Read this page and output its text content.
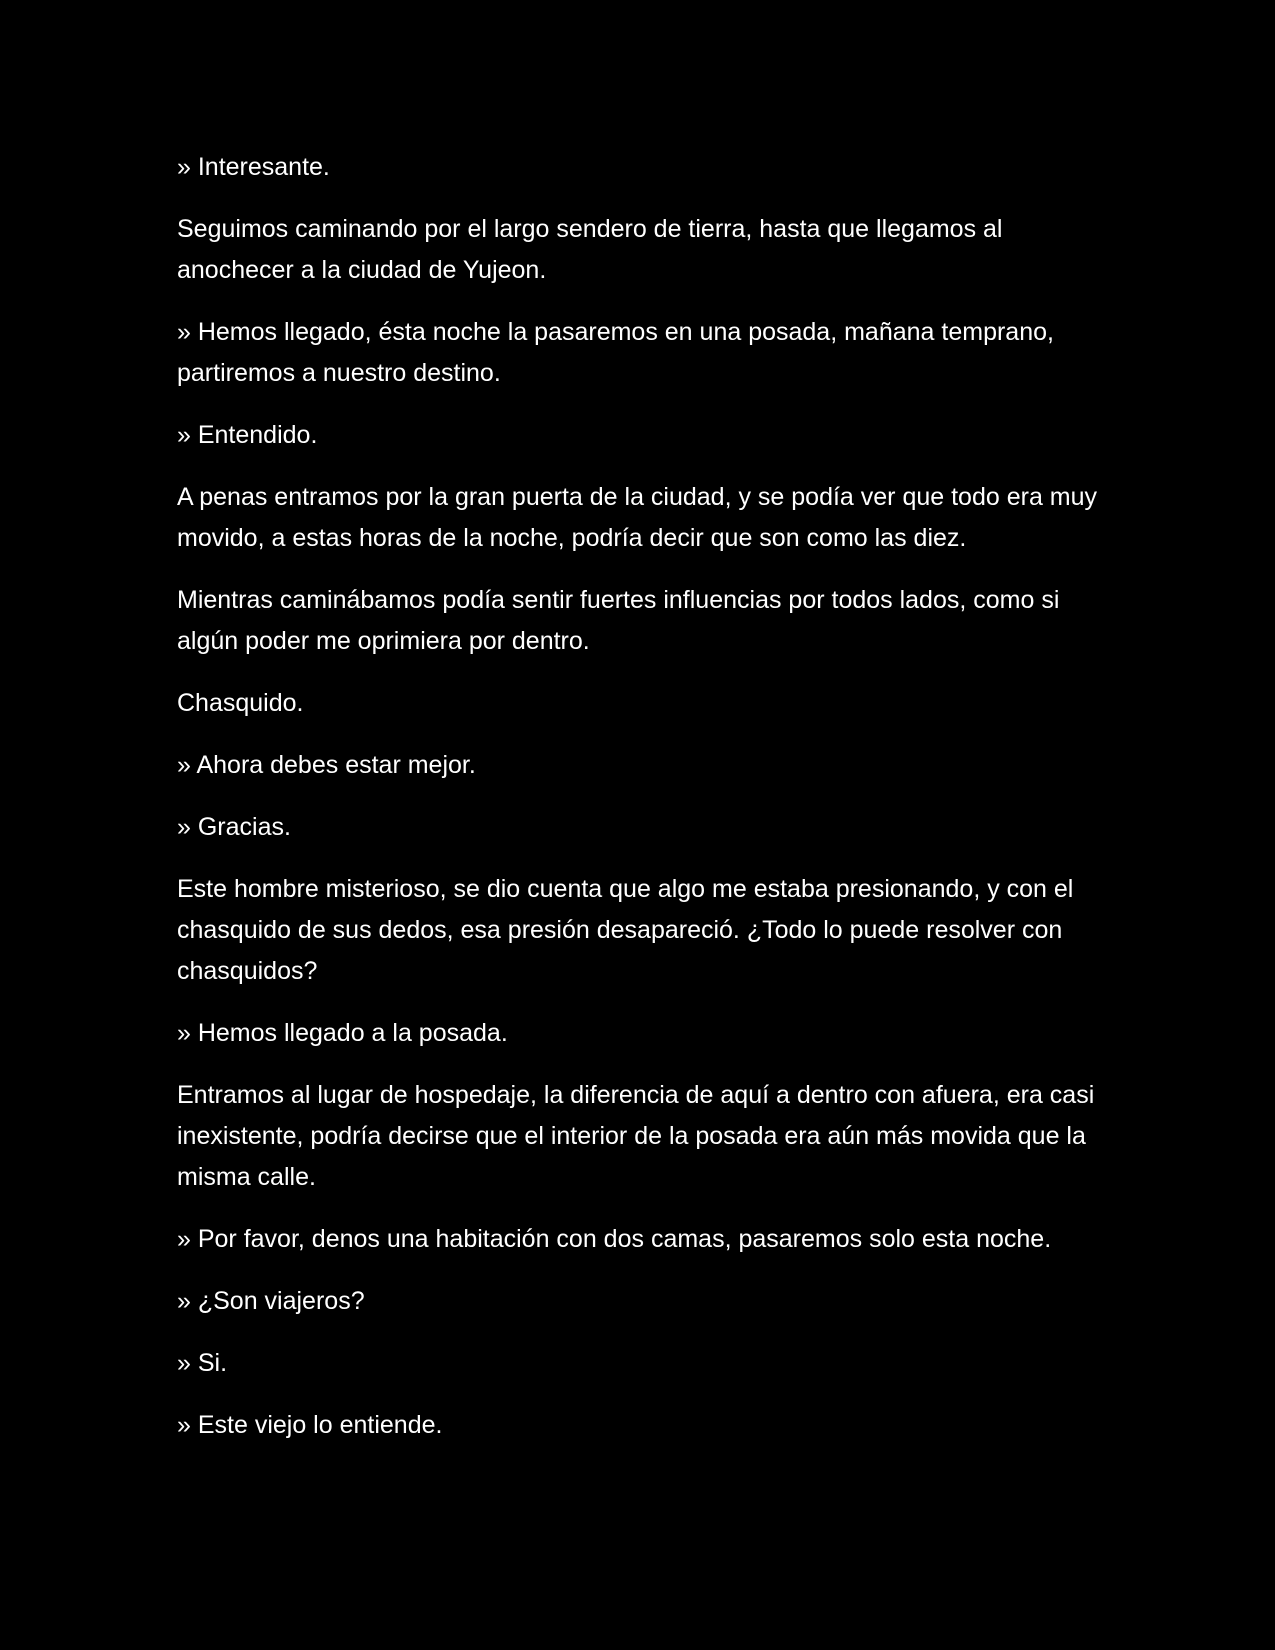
» Interesante.

Seguimos caminando por el largo sendero de tierra, hasta que llegamos al anochecer a la ciudad de Yujeon.

» Hemos llegado, ésta noche la pasaremos en una posada, mañana temprano, partiremos a nuestro destino.

» Entendido.

A penas entramos por la gran puerta de la ciudad, y se podía ver que todo era muy movido, a estas horas de la noche, podría decir que son como las diez.

Mientras caminábamos podía sentir fuertes influencias por todos lados, como si algún poder me oprimiera por dentro.

Chasquido.

» Ahora debes estar mejor.

» Gracias.

Este hombre misterioso, se dio cuenta que algo me estaba presionando, y con el chasquido de sus dedos, esa presión desapareció. ¿Todo lo puede resolver con chasquidos?

» Hemos llegado a la posada.

Entramos al lugar de hospedaje, la diferencia de aquí a dentro con afuera, era casi inexistente, podría decirse que el interior de la posada era aún más movida que la misma calle.

» Por favor, denos una habitación con dos camas, pasaremos solo esta noche.

» ¿Son viajeros?

» Si.

» Este viejo lo entiende.
